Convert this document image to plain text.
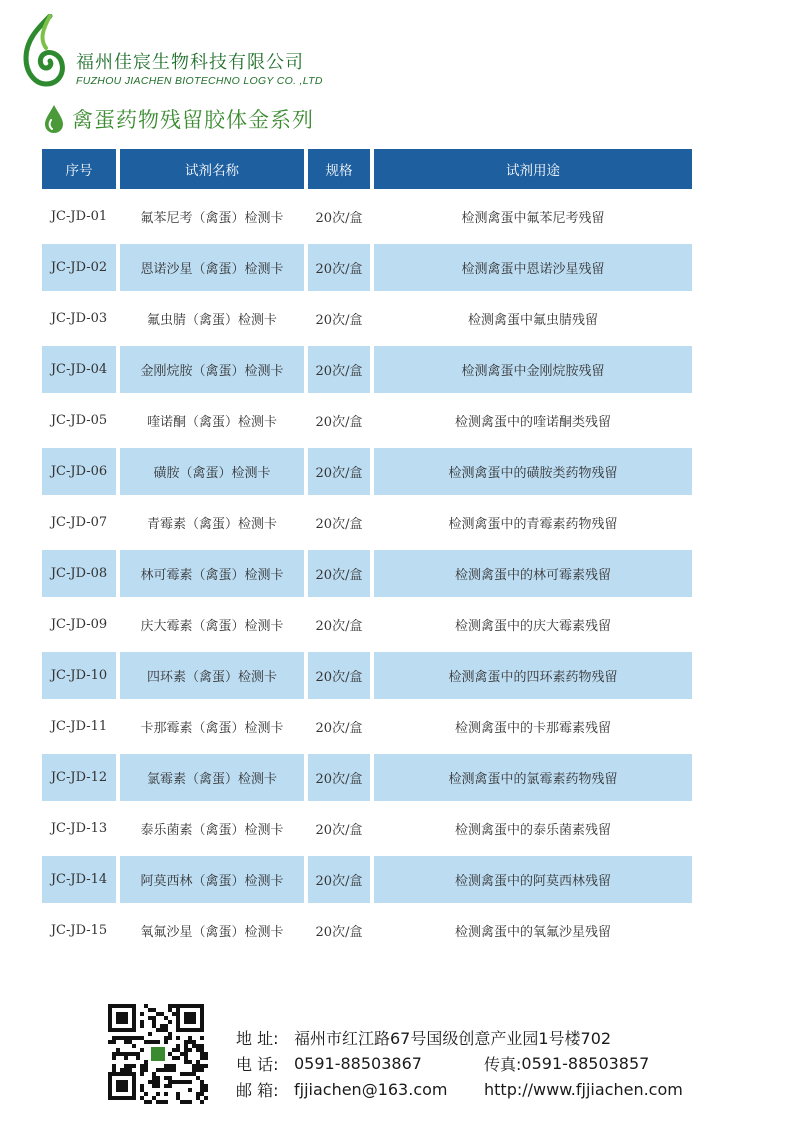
福州佳宸生物科技有限公司
FUZHOU JIACHEN BIOTECHNO LOGY CO. ,LTD
禽蛋药物残留胶体金系列
序号	试剂名称	规格	试剂用途
JC-JD-01	氟苯尼考（禽蛋）检测卡	20次/盒	检测禽蛋中氟苯尼考残留
JC-JD-02	恩诺沙星（禽蛋）检测卡	20次/盒	检测禽蛋中恩诺沙星残留
JC-JD-03	氟虫腈（禽蛋）检测卡	20次/盒	检测禽蛋中氟虫腈残留
JC-JD-04	金刚烷胺（禽蛋）检测卡	20次/盒	检测禽蛋中金刚烷胺残留
JC-JD-05	喹诺酮（禽蛋）检测卡	20次/盒	检测禽蛋中的喹诺酮类残留
JC-JD-06	磺胺（禽蛋）检测卡	20次/盒	检测禽蛋中的磺胺类药物残留
JC-JD-07	青霉素（禽蛋）检测卡	20次/盒	检测禽蛋中的青霉素药物残留
JC-JD-08	林可霉素（禽蛋）检测卡	20次/盒	检测禽蛋中的林可霉素残留
JC-JD-09	庆大霉素（禽蛋）检测卡	20次/盒	检测禽蛋中的庆大霉素残留
JC-JD-10	四环素（禽蛋）检测卡	20次/盒	检测禽蛋中的四环素药物残留
JC-JD-11	卡那霉素（禽蛋）检测卡	20次/盒	检测禽蛋中的卡那霉素残留
JC-JD-12	氯霉素（禽蛋）检测卡	20次/盒	检测禽蛋中的氯霉素药物残留
JC-JD-13	泰乐菌素（禽蛋）检测卡	20次/盒	检测禽蛋中的泰乐菌素残留
JC-JD-14	阿莫西林（禽蛋）检测卡	20次/盒	检测禽蛋中的阿莫西林残留
JC-JD-15	氧氟沙星（禽蛋）检测卡	20次/盒	检测禽蛋中的氧氟沙星残留
地 址: 福州市红江路67号国级创意产业园1号楼702
电 话: 0591-88503867	传真: 0591-88503857
邮 箱: fjjiachen@163.com	http://www.fjjiachen.com
